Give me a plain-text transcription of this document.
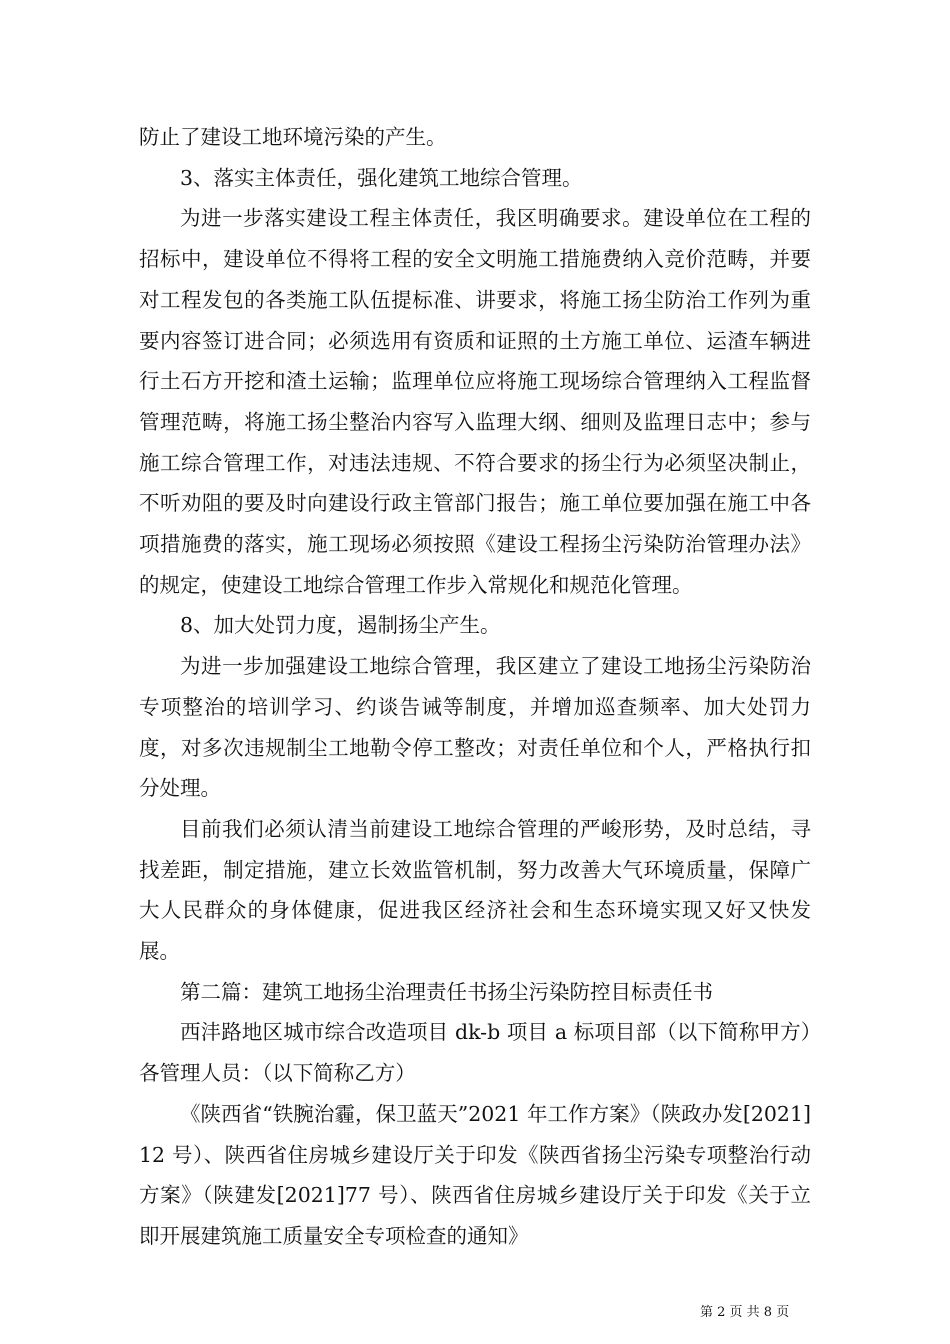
防止了建设工地环境污染的产生。

3、落实主体责任，强化建筑工地综合管理。

为进一步落实建设工程主体责任，我区明确要求。建设单位在工程的招标中，建设单位不得将工程的安全文明施工措施费纳入竞价范畴，并要对工程发包的各类施工队伍提标准、讲要求，将施工扬尘防治工作列为重要内容签订进合同；必须选用有资质和证照的土方施工单位、运渣车辆进行土石方开挖和渣土运输；监理单位应将施工现场综合管理纳入工程监督管理范畴，将施工扬尘整治内容写入监理大纲、细则及监理日志中；参与施工综合管理工作，对违法违规、不符合要求的扬尘行为必须坚决制止，不听劝阻的要及时向建设行政主管部门报告；施工单位要加强在施工中各项措施费的落实，施工现场必须按照《建设工程扬尘污染防治管理办法》的规定，使建设工地综合管理工作步入常规化和规范化管理。

8、加大处罚力度，遏制扬尘产生。

为进一步加强建设工地综合管理，我区建立了建设工地扬尘污染防治专项整治的培训学习、约谈告诫等制度，并增加巡查频率、加大处罚力度，对多次违规制尘工地勒令停工整改；对责任单位和个人，严格执行扣分处理。

目前我们必须认清当前建设工地综合管理的严峻形势，及时总结，寻找差距，制定措施，建立长效监管机制，努力改善大气环境质量，保障广大人民群众的身体健康，促进我区经济社会和生态环境实现又好又快发展。

第二篇：建筑工地扬尘治理责任书扬尘污染防控目标责任书

西沣路地区城市综合改造项目 dk-b 项目 a 标项目部（以下简称甲方）各管理人员：（以下简称乙方）

《陕西省“铁腕治霾，保卫蓝天”2021 年工作方案》（陕政办发[2021]12 号）、陕西省住房城乡建设厅关于印发《陕西省扬尘污染专项整治行动方案》（陕建发[2021]77 号）、陕西省住房城乡建设厅关于印发《关于立即开展建筑施工质量安全专项检查的通知》

第 2 页 共 8 页
